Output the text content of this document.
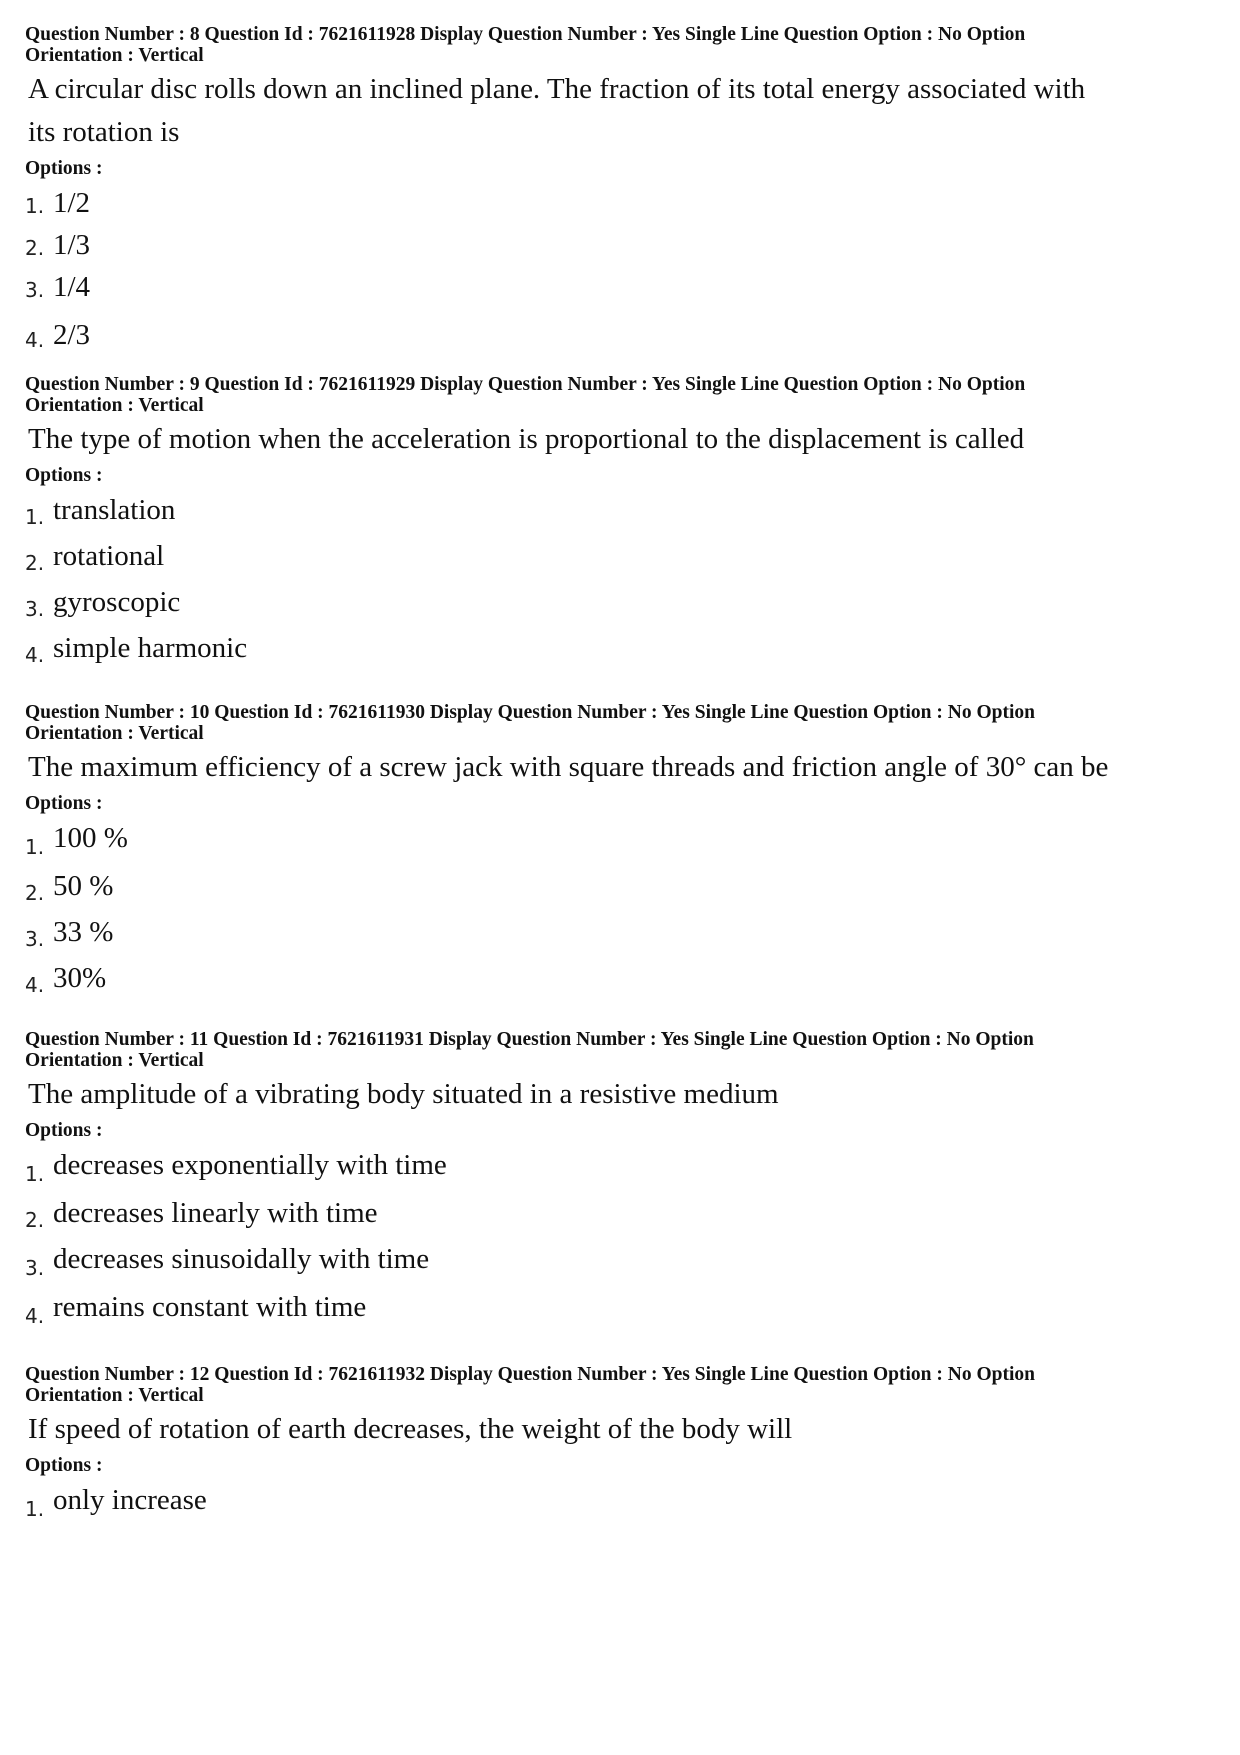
Question Number : 8 Question Id : 7621611928 Display Question Number : Yes Single Line Question Option : No Option

Orientation : Vertical

A circular disc rolls down an inclined plane. The fraction of its total energy associated with its rotation is

Options :

1. 1/2
2. 1/3
3. 1/4
4. 2/3

Question Number : 9 Question Id : 7621611929 Display Question Number : Yes Single Line Question Option : No Option

Orientation : Vertical

The type of motion when the acceleration is proportional to the displacement is called

Options :

1. translation
2. rotational
3. gyroscopic
4. simple harmonic

Question Number : 10 Question Id : 7621611930 Display Question Number : Yes Single Line Question Option : No Option

Orientation : Vertical

The maximum efficiency of a screw jack with square threads and friction angle of 30° can be

Options :

1. 100 %
2. 50 %
3. 33 %
4. 30%

Question Number : 11 Question Id : 7621611931 Display Question Number : Yes Single Line Question Option : No Option

Orientation : Vertical

The amplitude of a vibrating body situated in a resistive medium

Options :

1. decreases exponentially with time
2. decreases linearly with time
3. decreases sinusoidally with time
4. remains constant with time

Question Number : 12 Question Id : 7621611932 Display Question Number : Yes Single Line Question Option : No Option

Orientation : Vertical

If speed of rotation of earth decreases, the weight of the body will

Options :

1. only increase
